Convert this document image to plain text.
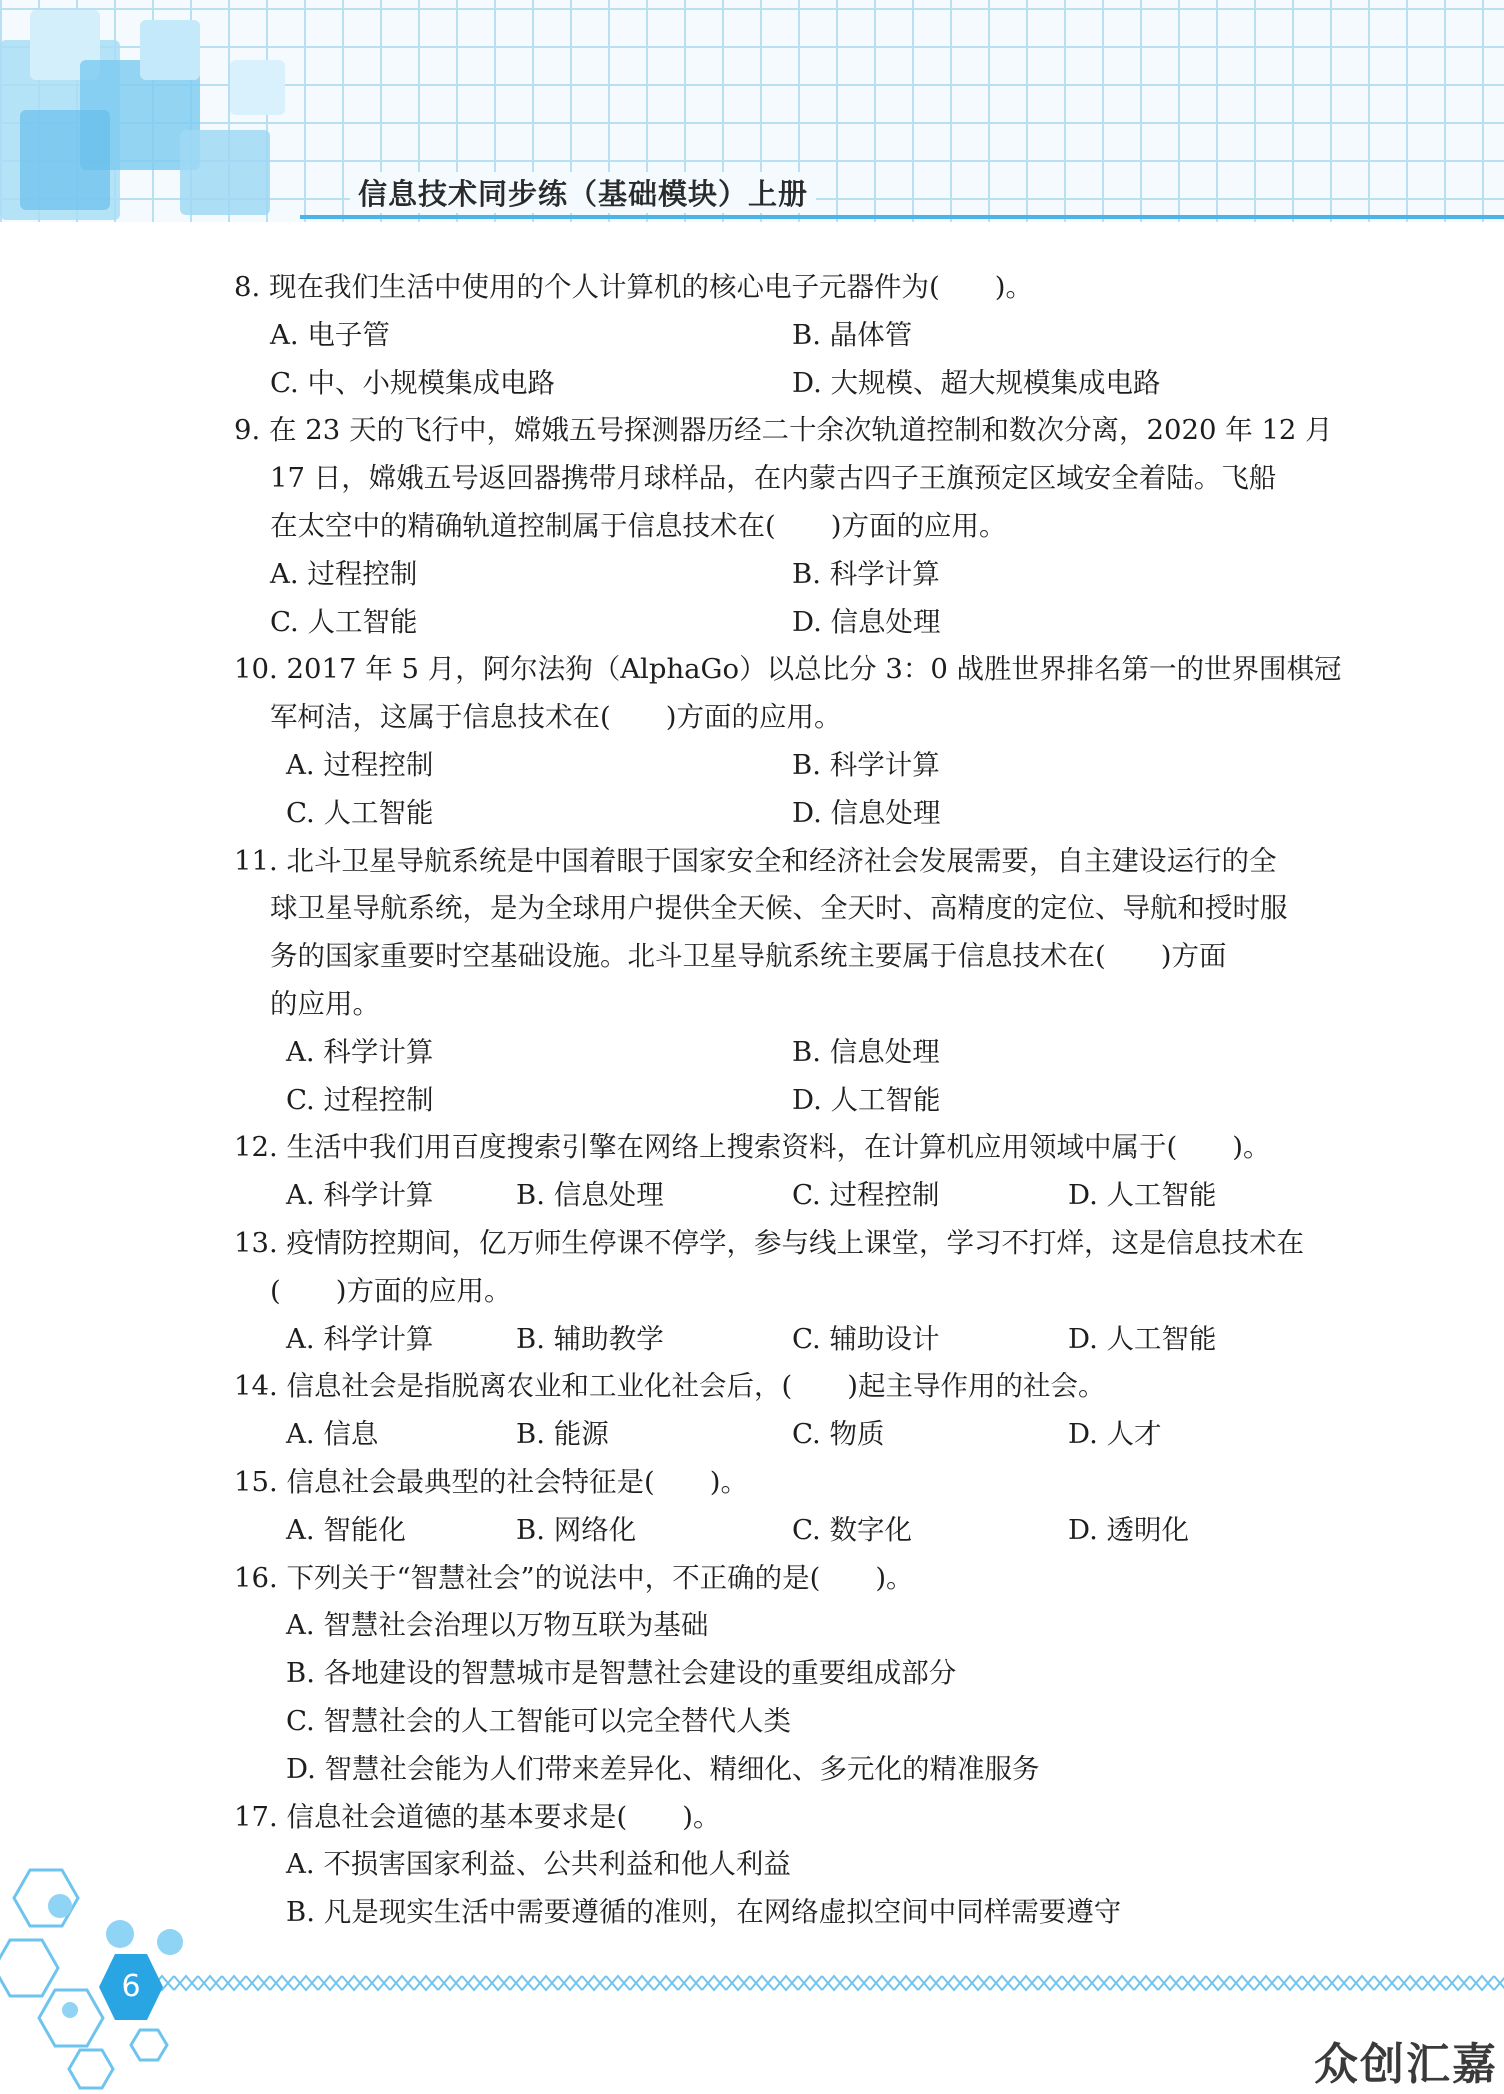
信息技术同步练（基础模块）上册
8. 现在我们生活中使用的个人计算机的核心电子元器件为(　　)。
A. 电子管	B. 晶体管
C. 中、小规模集成电路	D. 大规模、超大规模集成电路
9. 在 23 天的飞行中，嫦娥五号探测器历经二十余次轨道控制和数次分离，2020 年 12 月
17 日，嫦娥五号返回器携带月球样品，在内蒙古四子王旗预定区域安全着陆。飞船
在太空中的精确轨道控制属于信息技术在(　　)方面的应用。
A. 过程控制	B. 科学计算
C. 人工智能	D. 信息处理
10. 2017 年 5 月，阿尔法狗（AlphaGo）以总比分 3：0 战胜世界排名第一的世界围棋冠
军柯洁，这属于信息技术在(　　)方面的应用。
A. 过程控制	B. 科学计算
C. 人工智能	D. 信息处理
11. 北斗卫星导航系统是中国着眼于国家安全和经济社会发展需要，自主建设运行的全
球卫星导航系统，是为全球用户提供全天候、全天时、高精度的定位、导航和授时服
务的国家重要时空基础设施。北斗卫星导航系统主要属于信息技术在(　　)方面
的应用。
A. 科学计算	B. 信息处理
C. 过程控制	D. 人工智能
12. 生活中我们用百度搜索引擎在网络上搜索资料，在计算机应用领域中属于(　　)。
A. 科学计算	B. 信息处理	C. 过程控制	D. 人工智能
13. 疫情防控期间，亿万师生停课不停学，参与线上课堂，学习不打烊，这是信息技术在
(　　)方面的应用。
A. 科学计算	B. 辅助教学	C. 辅助设计	D. 人工智能
14. 信息社会是指脱离农业和工业化社会后，(　　)起主导作用的社会。
A. 信息	B. 能源	C. 物质	D. 人才
15. 信息社会最典型的社会特征是(　　)。
A. 智能化	B. 网络化	C. 数字化	D. 透明化
16. 下列关于“智慧社会”的说法中，不正确的是(　　)。
A. 智慧社会治理以万物互联为基础
B. 各地建设的智慧城市是智慧社会建设的重要组成部分
C. 智慧社会的人工智能可以完全替代人类
D. 智慧社会能为人们带来差异化、精细化、多元化的精准服务
17. 信息社会道德的基本要求是(　　)。
A. 不损害国家利益、公共利益和他人利益
B. 凡是现实生活中需要遵循的准则，在网络虚拟空间中同样需要遵守
6
众创汇嘉
